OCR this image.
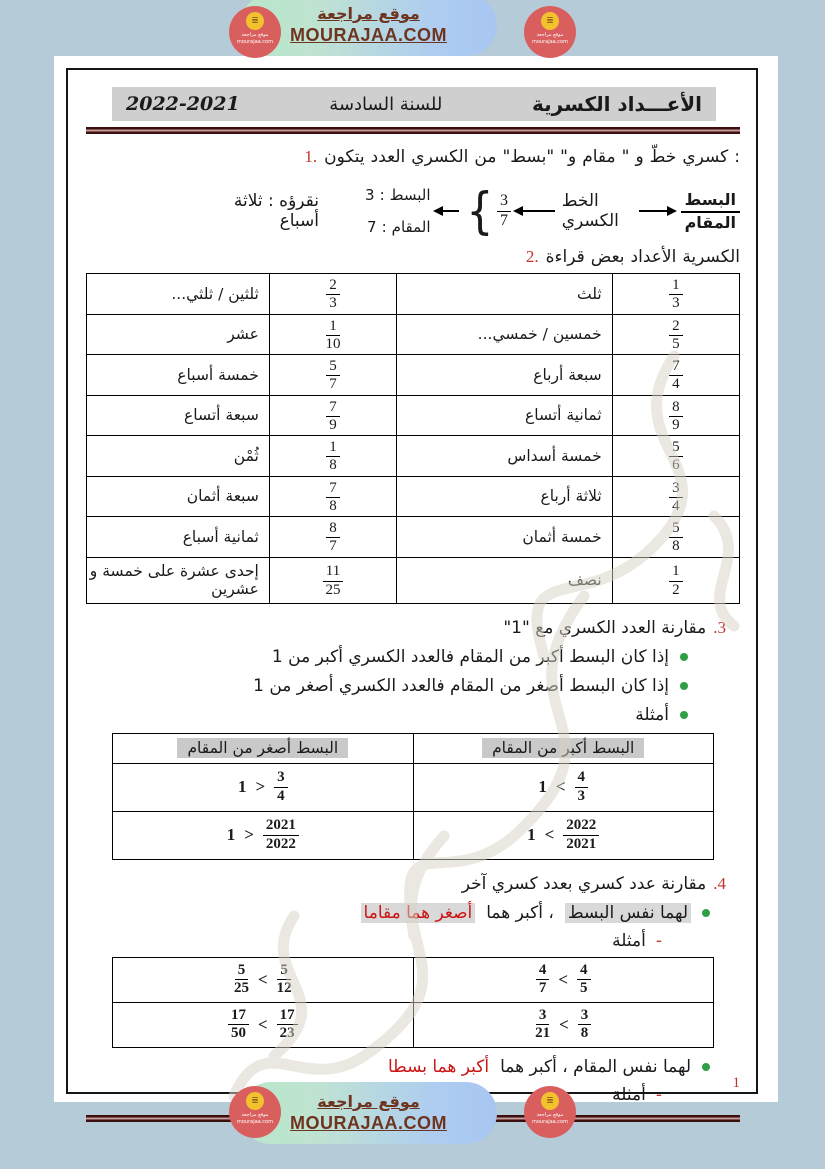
الأعـــداد الكسرية
للسنة السادسة
2022-2021
1. يتكون العدد الكسري من "بسط" و" مقام " و خطّ كسري :
نقرؤه : ثلاثة أسباع
البسط
:
3
المقام
:
7 { $\frac{3}{7}$	الخط الكسري
البسط
المقام
2. قراءة بعض الأعداد الكسرية
$\frac{1}{3}$	ثلث	$\frac{2}{3}$	ثلثين / ثلثي...

$\frac{2}{5}$	خمسين / خمسي...	$\frac{1}{10}$	عشر

$\frac{7}{4}$	سبعة أرباع	$\frac{5}{7}$	خمسة أسباع

$\frac{8}{9}$	ثمانية أتساع	$\frac{7}{9}$	سبعة أتساع

$\frac{5}{6}$	خمسة أسداس	$\frac{1}{8}$	ثُمْن

$\frac{3}{4}$	ثلاثة أرباع	$\frac{7}{8}$	سبعة أثمان

$\frac{5}{8}$	خمسة أثمان	$\frac{8}{7}$	ثمانية أسباع

$\frac{1}{2}$	نصف	$\frac{11}{25}$	إحدى عشرة على خمسة و عشرين
3.
مقارنة العدد الكسري مع "1"
إذا كان البسط أكبر من المقام فالعدد الكسري أكبر من 1
إذا كان البسط أصغر من المقام فالعدد الكسري أصغر من 1
أمثلة
البسط أكبر من المقام	البسط أصغر من المقام

$1 < \frac{4}{3}$	$1 > \frac{3}{4}$

$1 < \frac{2022}{2021}$	$1 > \frac{2021}{2022}$
4.
مقارنة عدد كسري بعدد كسري آخر
لهما نفس البسط
، أكبر هما
أصغر هما مقاما
-
أمثلة
$\frac{4}{7} < \frac{4}{5}$	$\frac{5}{25} < \frac{5}{12}$

$\frac{3}{21} < \frac{3}{8}$	$\frac{17}{50} < \frac{17}{23}$
لهما نفس المقام ، أكبر هما
أكبر هما بسطا
-
أمثلة
1
موقع مراجعة
MOURAJAA.COM
≣
موقع مراجعة
mourajaa.com
≣
موقع مراجعة
mourajaa.com
موقع مراجعة
MOURAJAA.COM
≣
موقع مراجعة
mourajaa.com
≣
موقع مراجعة
mourajaa.com
